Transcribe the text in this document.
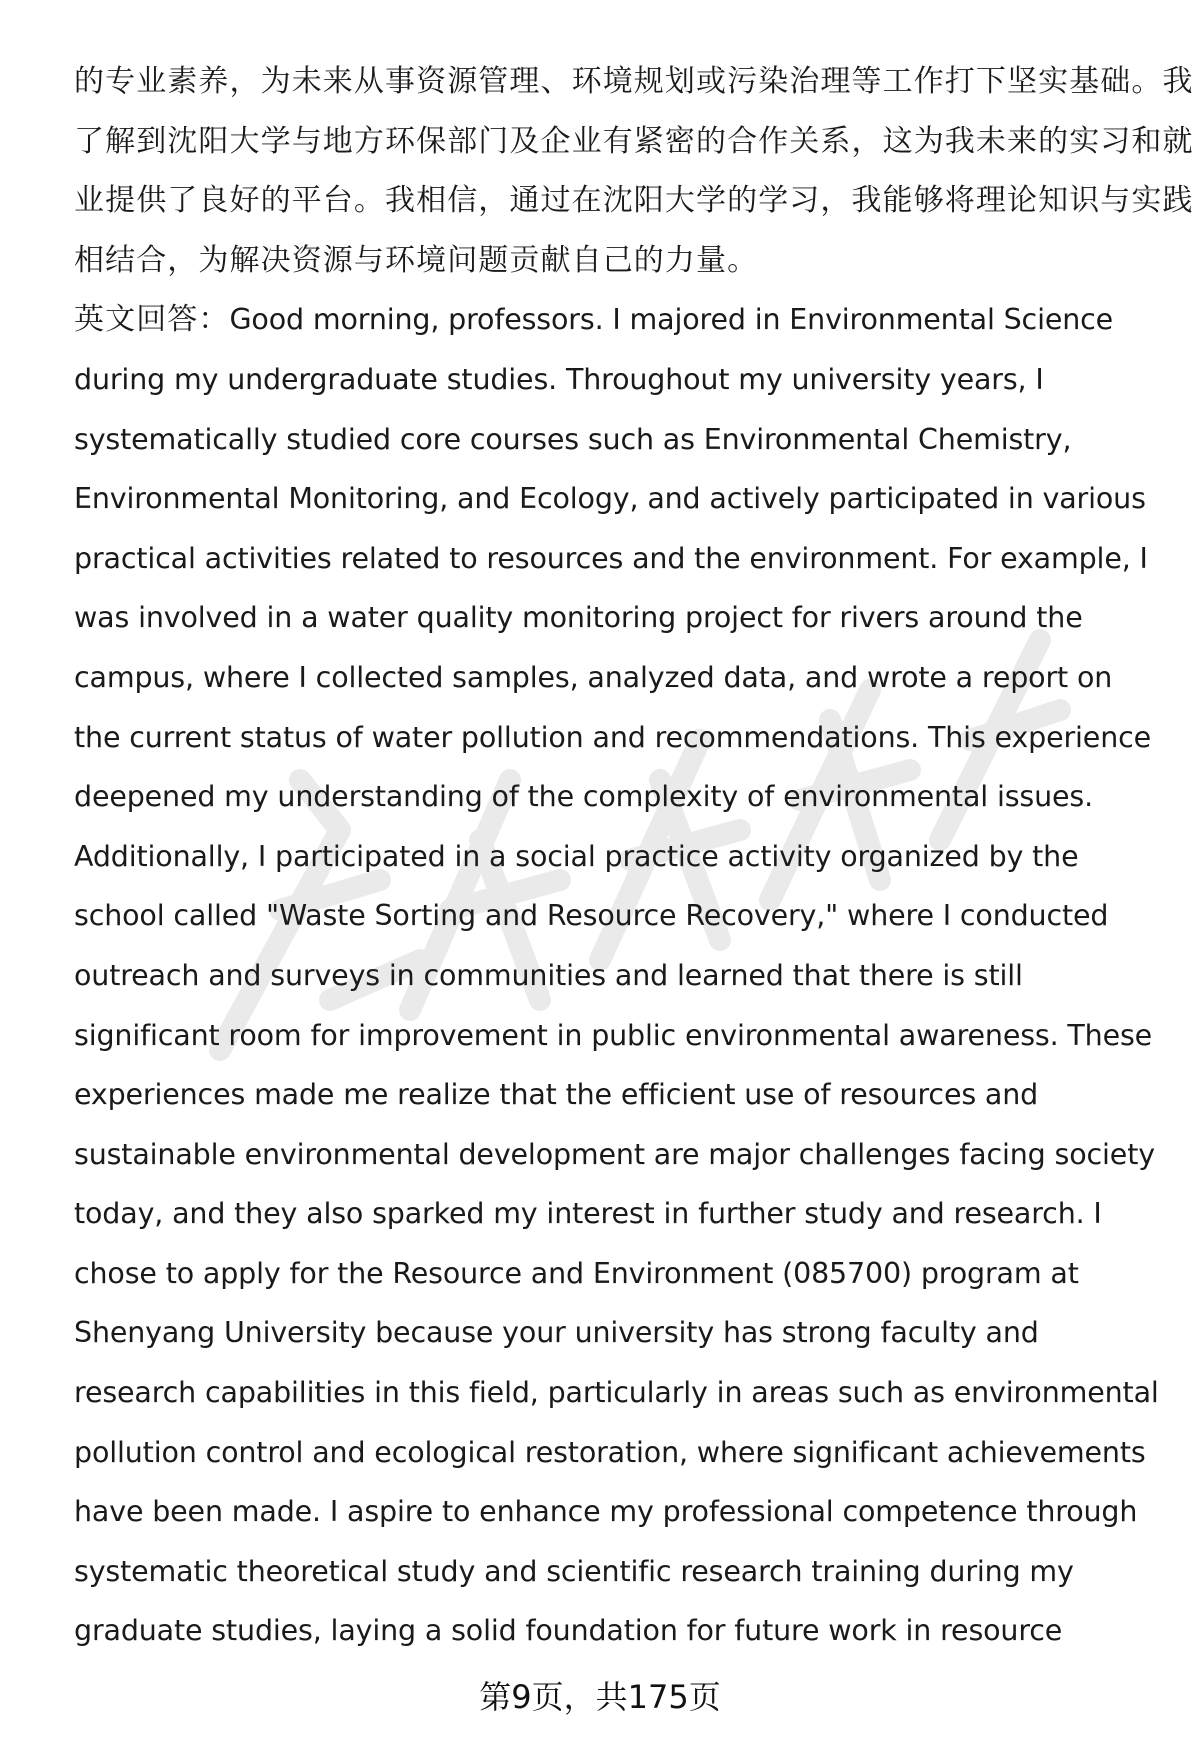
的专业素养，为未来从事资源管理、环境规划或污染治理等工作打下坚实基础。我
了解到沈阳大学与地方环保部门及企业有紧密的合作关系，这为我未来的实习和就
业提供了良好的平台。我相信，通过在沈阳大学的学习，我能够将理论知识与实践
相结合，为解决资源与环境问题贡献自己的力量。
英文回答：Good morning, professors. I majored in Environmental Science
during my undergraduate studies. Throughout my university years, I
systematically studied core courses such as Environmental Chemistry,
Environmental Monitoring, and Ecology, and actively participated in various
practical activities related to resources and the environment. For example, I
was involved in a water quality monitoring project for rivers around the
campus, where I collected samples, analyzed data, and wrote a report on
the current status of water pollution and recommendations. This experience
deepened my understanding of the complexity of environmental issues.
Additionally, I participated in a social practice activity organized by the
school called "Waste Sorting and Resource Recovery," where I conducted
outreach and surveys in communities and learned that there is still
significant room for improvement in public environmental awareness. These
experiences made me realize that the efficient use of resources and
sustainable environmental development are major challenges facing society
today, and they also sparked my interest in further study and research. I
chose to apply for the Resource and Environment (085700) program at
Shenyang University because your university has strong faculty and
research capabilities in this field, particularly in areas such as environmental
pollution control and ecological restoration, where significant achievements
have been made. I aspire to enhance my professional competence through
systematic theoretical study and scientific research training during my
graduate studies, laying a solid foundation for future work in resource
第9页，共175页
